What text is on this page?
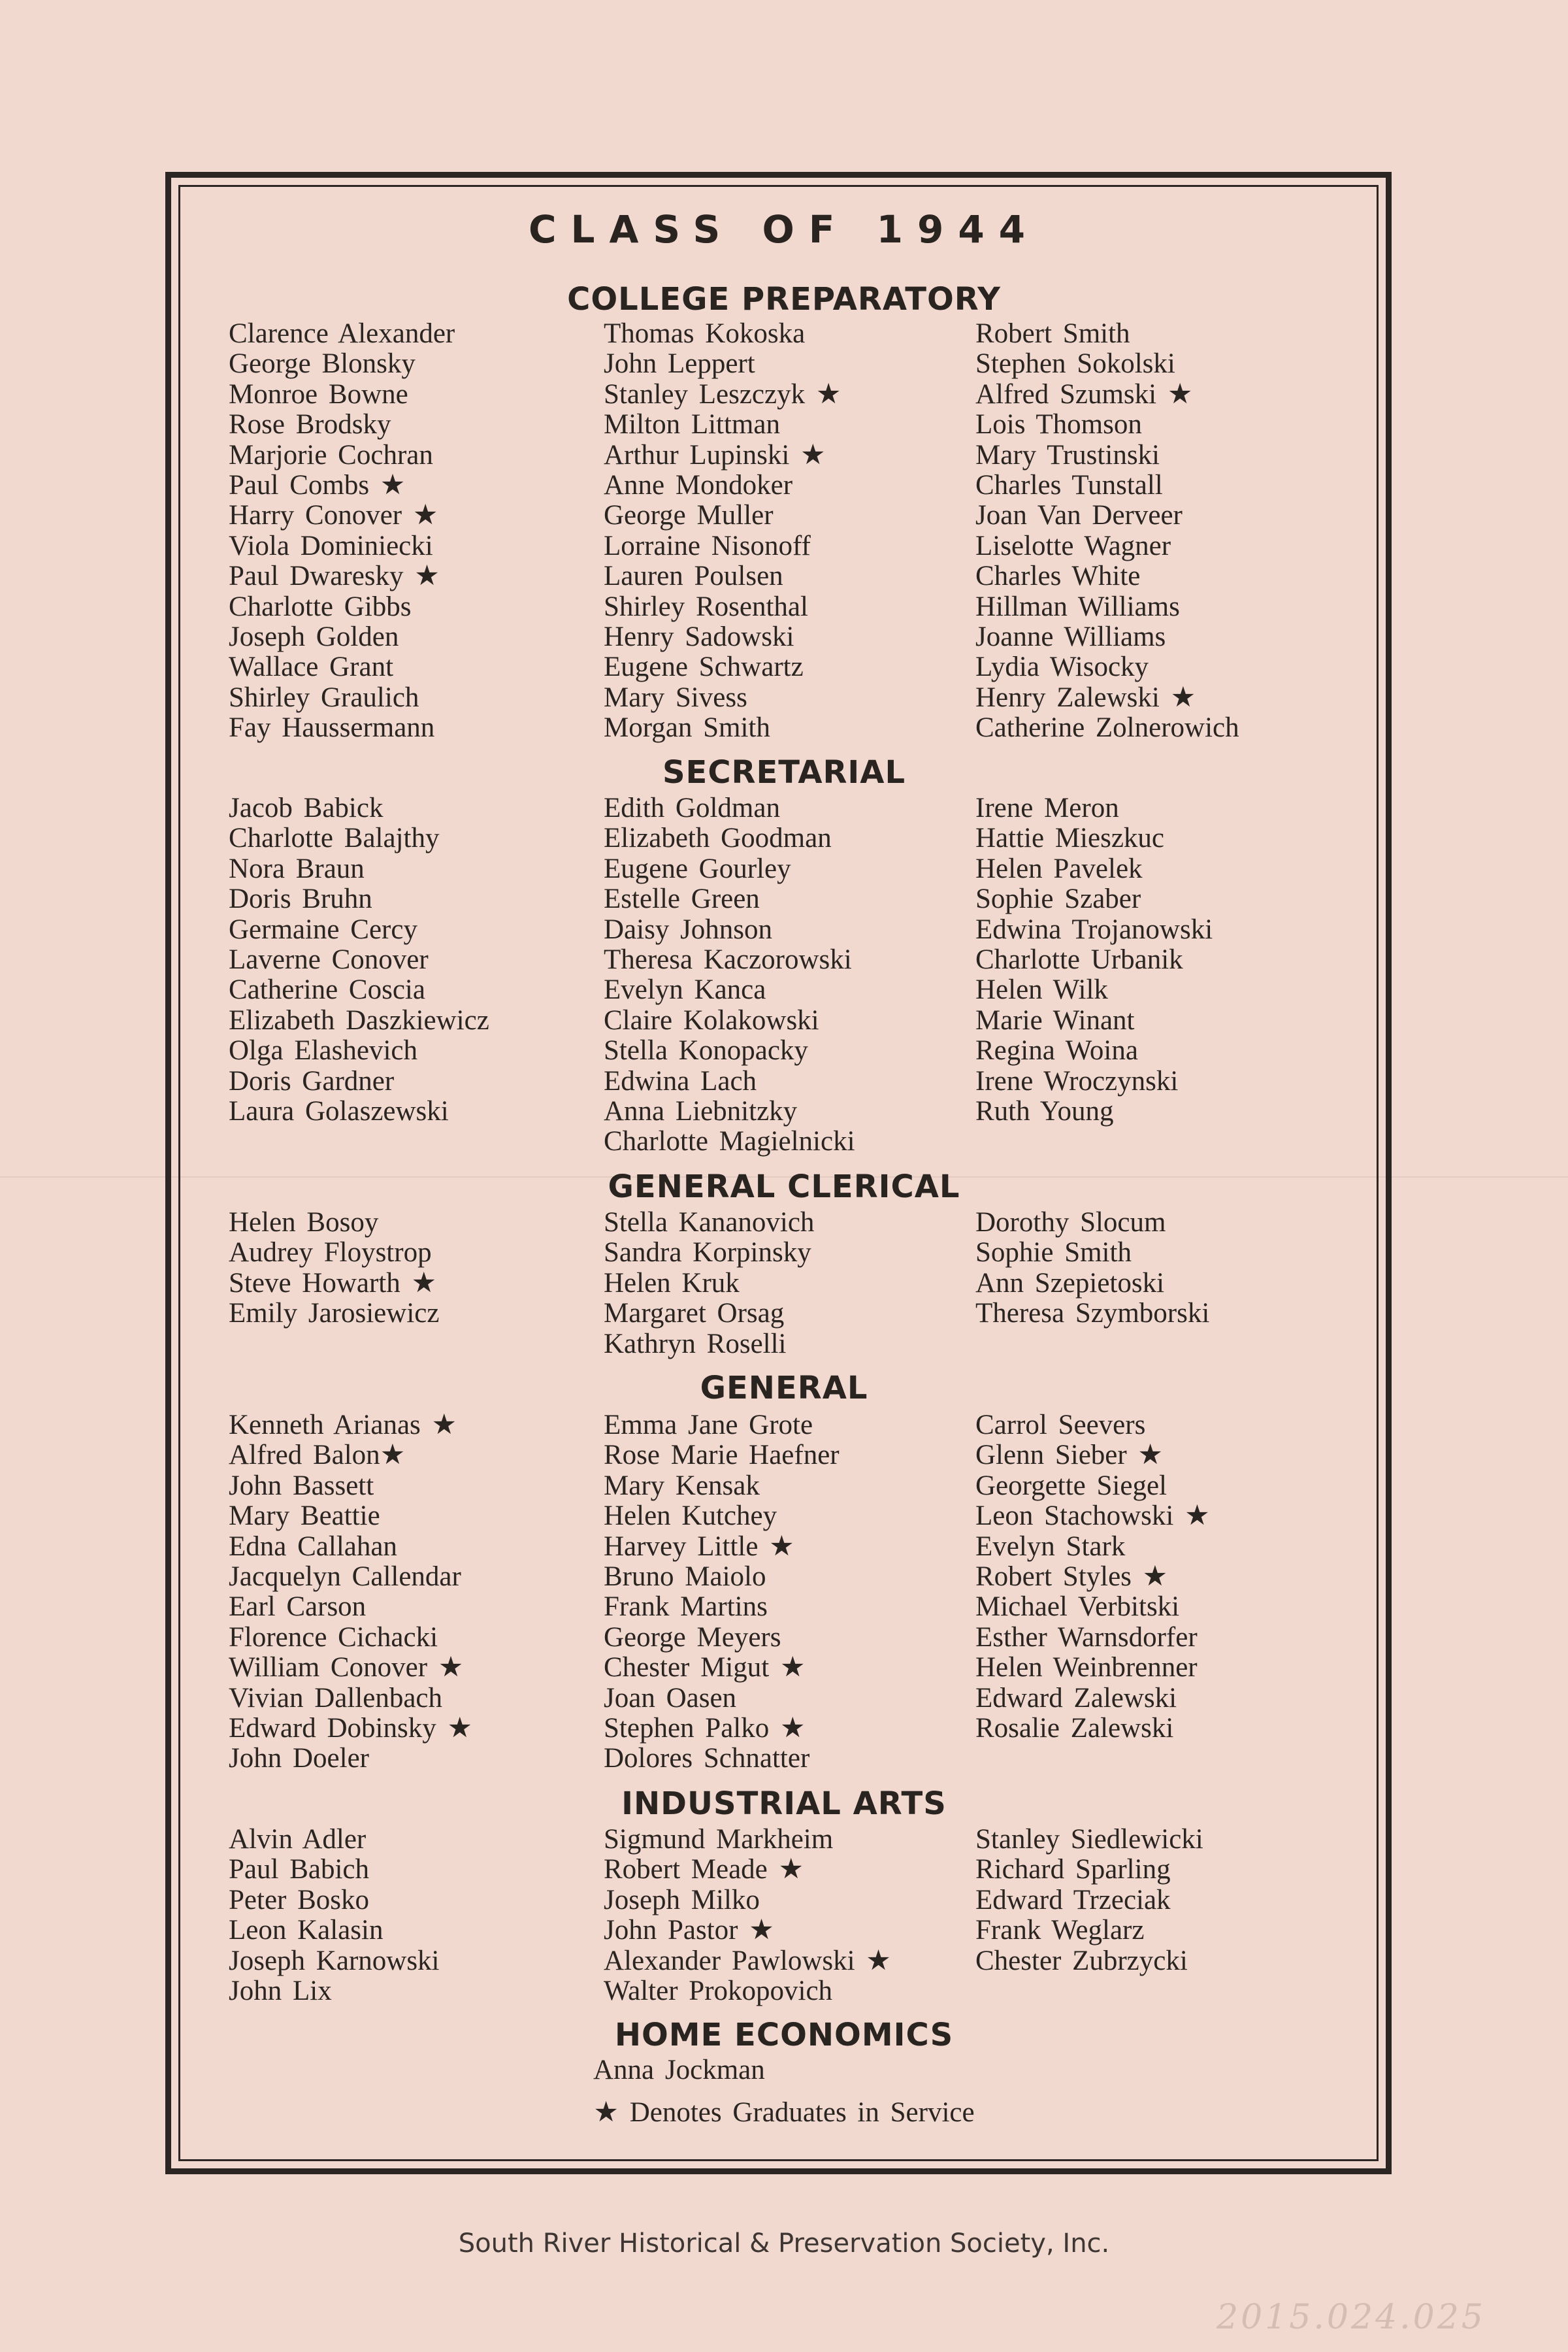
CLASS OF 1944
COLLEGE PREPARATORY
Clarence Alexander
George Blonsky
Monroe Bowne
Rose Brodsky
Marjorie Cochran
Paul Combs ★
Harry Conover ★
Viola Dominiecki
Paul Dwaresky ★
Charlotte Gibbs
Joseph Golden
Wallace Grant
Shirley Graulich
Fay Haussermann
Thomas Kokoska
John Leppert
Stanley Leszczyk ★
Milton Littman
Arthur Lupinski ★
Anne Mondoker
George Muller
Lorraine Nisonoff
Lauren Poulsen
Shirley Rosenthal
Henry Sadowski
Eugene Schwartz
Mary Sivess
Morgan Smith
Robert Smith
Stephen Sokolski
Alfred Szumski ★
Lois Thomson
Mary Trustinski
Charles Tunstall
Joan Van Derveer
Liselotte Wagner
Charles White
Hillman Williams
Joanne Williams
Lydia Wisocky
Henry Zalewski ★
Catherine Zolnerowich
SECRETARIAL
Jacob Babick
Charlotte Balajthy
Nora Braun
Doris Bruhn
Germaine Cercy
Laverne Conover
Catherine Coscia
Elizabeth Daszkiewicz
Olga Elashevich
Doris Gardner
Laura Golaszewski
Edith Goldman
Elizabeth Goodman
Eugene Gourley
Estelle Green
Daisy Johnson
Theresa Kaczorowski
Evelyn Kanca
Claire Kolakowski
Stella Konopacky
Edwina Lach
Anna Liebnitzky
Charlotte Magielnicki
Irene Meron
Hattie Mieszkuc
Helen Pavelek
Sophie Szaber
Edwina Trojanowski
Charlotte Urbanik
Helen Wilk
Marie Winant
Regina Woina
Irene Wroczynski
Ruth Young
GENERAL CLERICAL
Helen Bosoy
Audrey Floystrop
Steve Howarth ★
Emily Jarosiewicz
Stella Kananovich
Sandra Korpinsky
Helen Kruk
Margaret Orsag
Kathryn Roselli
Dorothy Slocum
Sophie Smith
Ann Szepietoski
Theresa Szymborski
GENERAL
Kenneth Arianas ★
Alfred Balon★
John Bassett
Mary Beattie
Edna Callahan
Jacquelyn Callendar
Earl Carson
Florence Cichacki
William Conover ★
Vivian Dallenbach
Edward Dobinsky ★
John Doeler
Emma Jane Grote
Rose Marie Haefner
Mary Kensak
Helen Kutchey
Harvey Little ★
Bruno Maiolo
Frank Martins
George Meyers
Chester Migut ★
Joan Oasen
Stephen Palko ★
Dolores Schnatter
Carrol Seevers
Glenn Sieber ★
Georgette Siegel
Leon Stachowski ★
Evelyn Stark
Robert Styles ★
Michael Verbitski
Esther Warnsdorfer
Helen Weinbrenner
Edward Zalewski
Rosalie Zalewski
INDUSTRIAL ARTS
Alvin Adler
Paul Babich
Peter Bosko
Leon Kalasin
Joseph Karnowski
John Lix
Sigmund Markheim
Robert Meade ★
Joseph Milko
John Pastor ★
Alexander Pawlowski ★
Walter Prokopovich
Stanley Siedlewicki
Richard Sparling
Edward Trzeciak
Frank Weglarz
Chester Zubrzycki
HOME ECONOMICS
Anna Jockman
★ Denotes Graduates in Service
South River Historical & Preservation Society, Inc.
2015.024.025
